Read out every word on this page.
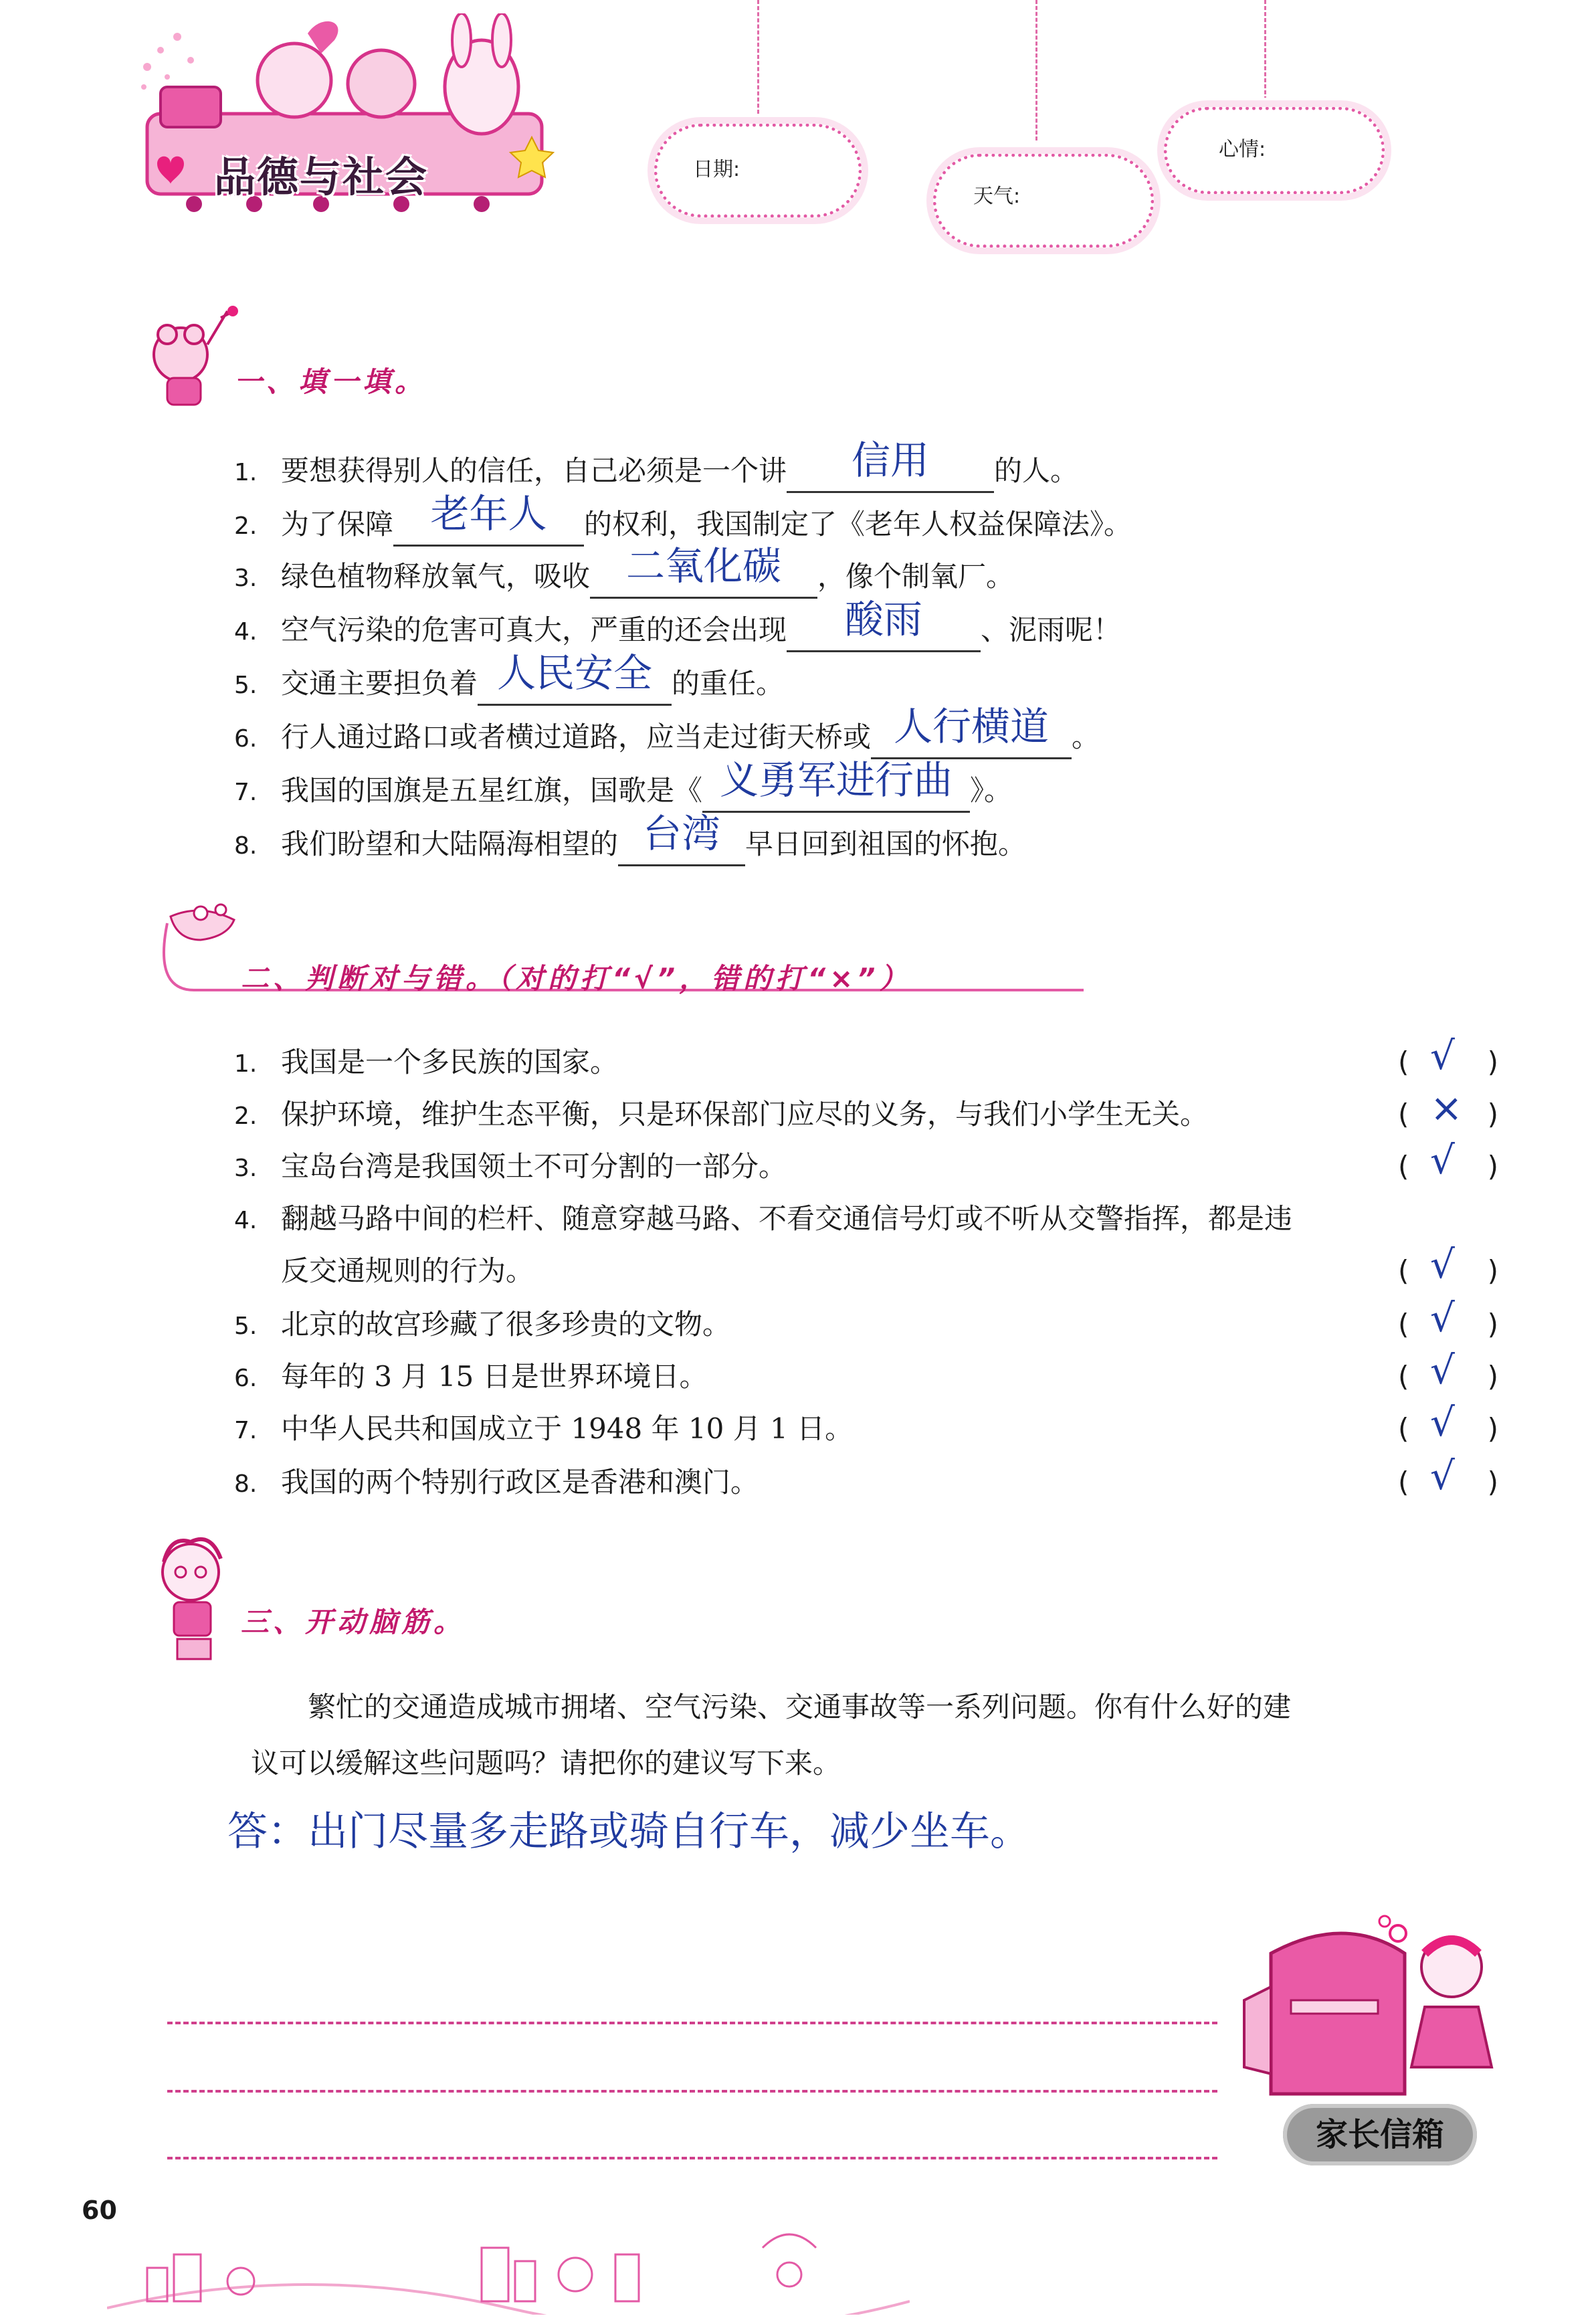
日期:
天气:
心情:
品德与社会
一、填一填。
1. 要想获得别人的信任，自己必须是一个讲 信用 的人。
2. 为了保障 老年人 的权利，我国制定了《老年人权益保障法》。
3. 绿色植物释放氧气，吸收 二氧化碳 ，像个制氧厂。
4. 空气污染的危害可真大，严重的还会出现 酸雨 、泥雨呢！
5. 交通主要担负着 人民安全 的重任。
6. 行人通过路口或者横过道路，应当走过街天桥或 人行横道 。
7. 我国的国旗是五星红旗，国歌是《 义勇军进行曲 》。
8. 我们盼望和大陆隔海相望的 台湾 早日回到祖国的怀抱。
二、判断对与错。（对的打“√”，错的打“×”）
1. 我国是一个多民族的国家。	( √ )
2. 保护环境，维护生态平衡，只是环保部门应尽的义务，与我们小学生无关。	( × )
3. 宝岛台湾是我国领土不可分割的一部分。	( √ )
4. 翻越马路中间的栏杆、随意穿越马路、不看交通信号灯或不听从交警指挥，都是违
反交通规则的行为。	( √ )
5. 北京的故宫珍藏了很多珍贵的文物。	( √ )
6. 每年的 3 月 15 日是世界环境日。	( √ )
7. 中华人民共和国成立于 1948 年 10 月 1 日。	( √ )
8. 我国的两个特别行政区是香港和澳门。	( √ )
三、开动脑筋。
繁忙的交通造成城市拥堵、空气污染、交通事故等一系列问题。你有什么好的建
议可以缓解这些问题吗？请把你的建议写下来。
答：出门尽量多走路或骑自行车，减少坐车。
家长信箱
60
